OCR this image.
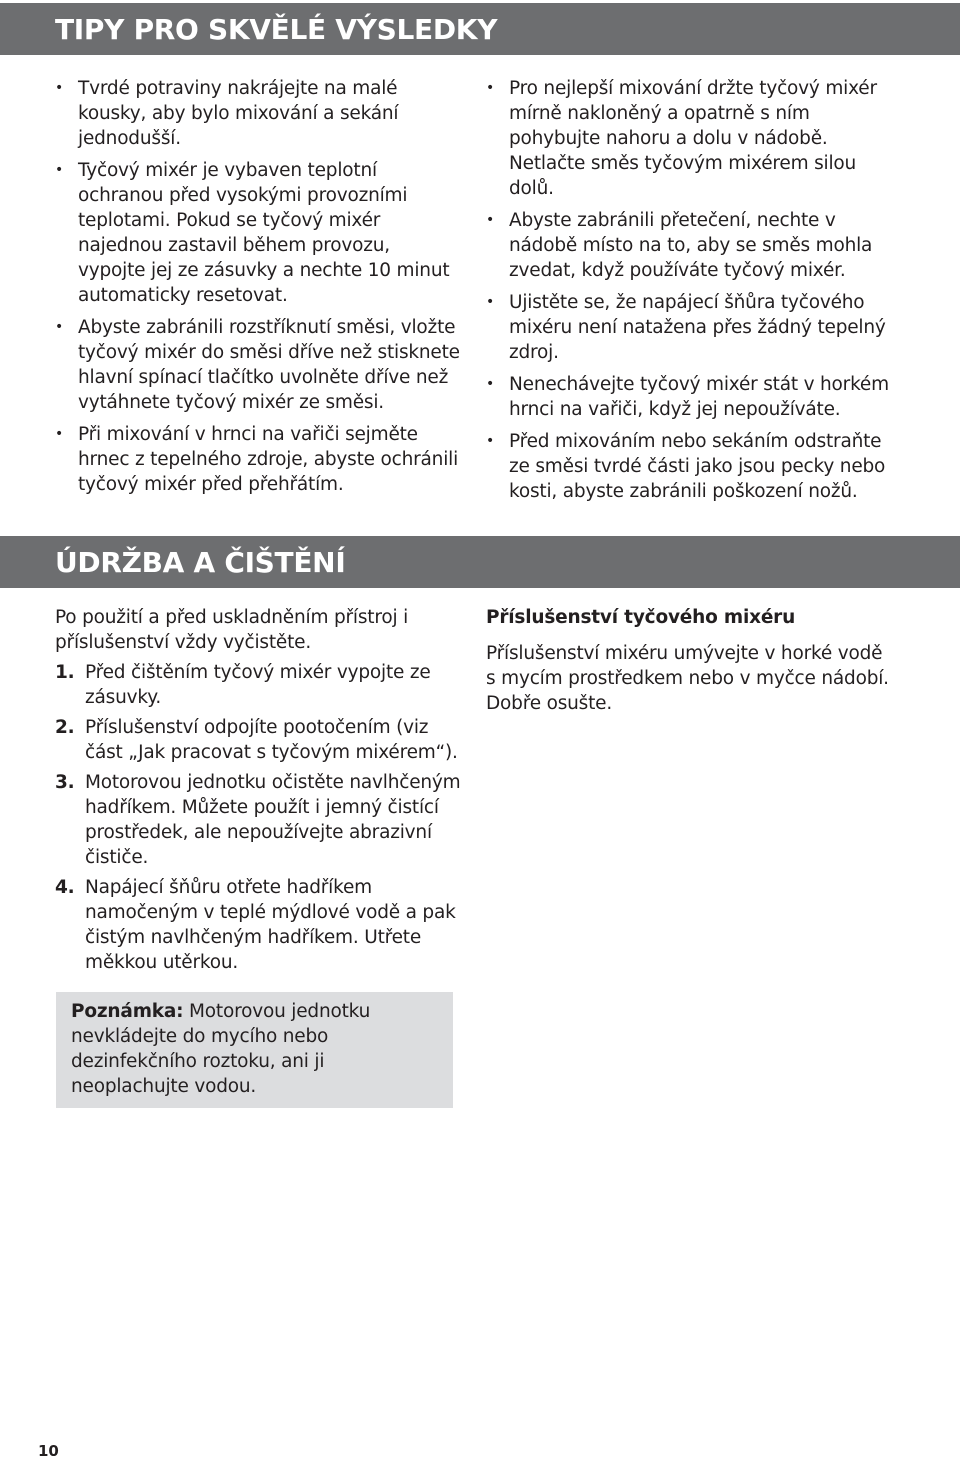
TIPY PRO SKVĚLÉ VÝSLEDKY
• Tvrdé potraviny nakrájejte na malé kousky, aby bylo mixování a sekání jednodušší.
• Tyčový mixér je vybaven teplotní ochranou před vysokými provozními teplotami. Pokud se tyčový mixér najednou zastavil během provozu, vypojte jej ze zásuvky a nechte 10 minut automaticky resetovat.
• Abyste zabránili rozstříknutí směsi, vložte tyčový mixér do směsi dříve než stisknete hlavní spínací tlačítko uvolněte dříve než vytáhnete tyčový mixér ze směsi.
• Při mixování v hrnci na vařiči sejměte hrnec z tepelného zdroje, abyste ochránili tyčový mixér před přehřátím.
• Pro nejlepší mixování držte tyčový mixér mírně nakloněný a opatrně s ním pohybujte nahoru a dolu v nádobě. Netlačte směs tyčovým mixérem silou dolů.
• Abyste zabránili přetečení, nechte v nádobě místo na to, aby se směs mohla zvedat, když používáte tyčový mixér.
• Ujistěte se, že napájecí šňůra tyčového mixéru není natažena přes žádný tepelný zdroj.
• Nenechávejte tyčový mixér stát v horkém hrnci na vařiči, když jej nepoužíváte.
• Před mixováním nebo sekáním odstraňte ze směsi tvrdé části jako jsou pecky nebo kosti, abyste zabránili poškození nožů.
ÚDRŽBA A ČIŠTĚNÍ

Po použití a před uskladněním přístroj i příslušenství vždy vyčistěte.

1. Před čištěním tyčový mixér vypojte ze zásuvky.
2. Příslušenství odpojíte pootočením (viz část „Jak pracovat s tyčovým mixérem“).
3. Motorovou jednotku očistěte navlhčeným hadříkem. Můžete použít i jemný čistící prostředek, ale nepoužívejte abrazivní čističe.
4. Napájecí šňůru otřete hadříkem namočeným v teplé mýdlové vodě a pak čistým navlhčeným hadříkem. Utřete měkkou utěrkou.
Poznámka: Motorovou jednotku nevkládejte do mycího nebo dezinfekčního roztoku, ani ji neoplachujte vodou.

Příslušenství tyčového mixéru

Příslušenství mixéru umývejte v horké vodě s mycím prostředkem nebo v myčce nádobí. Dobře osušte.

10
